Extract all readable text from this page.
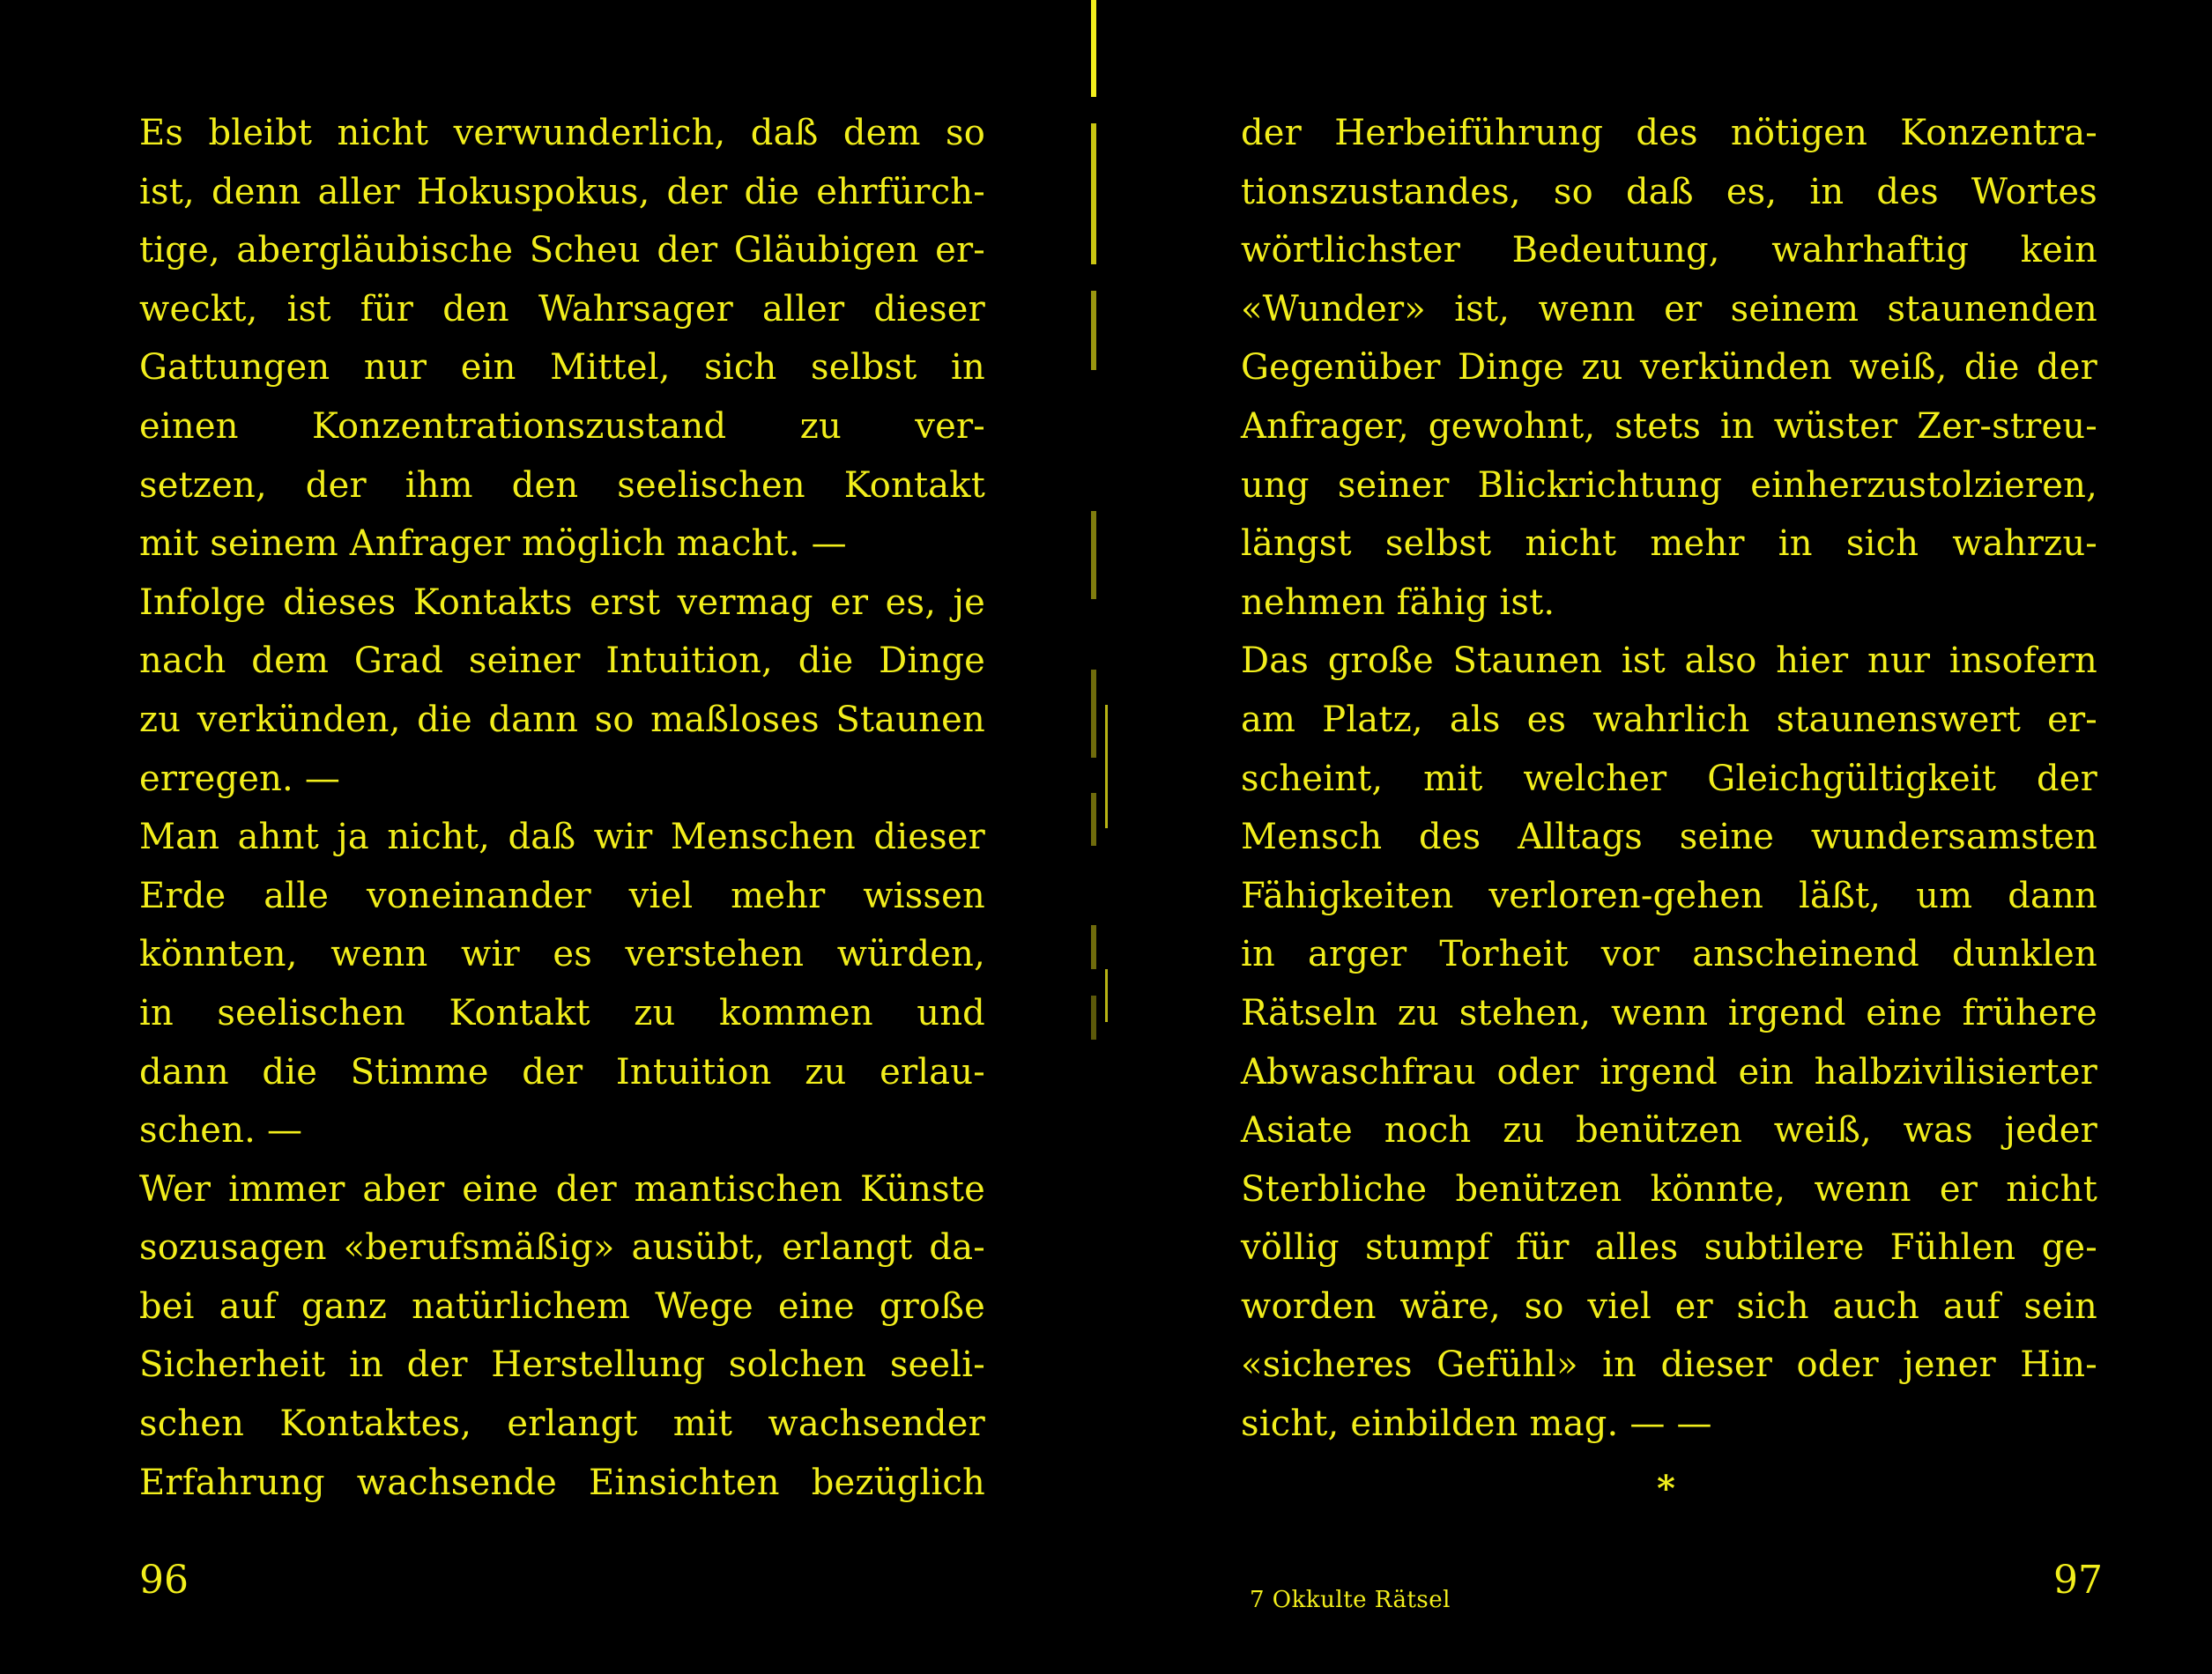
Es bleibt nicht verwunderlich, daß dem so
ist, denn aller Hokuspokus, der die ehrfürch-
tige, abergläubische Scheu der Gläubigen er-
weckt, ist für den Wahrsager aller dieser
Gattungen nur ein Mittel, sich selbst in
einen Konzentrationszustand zu ver-
setzen, der ihm den seelischen Kontakt
mit seinem Anfrager möglich macht. —
Infolge dieses Kontakts erst vermag er es, je
nach dem Grad seiner Intuition, die Dinge
zu verkünden, die dann so maßloses Staunen
erregen. —
Man ahnt ja nicht, daß wir Menschen dieser
Erde alle voneinander viel mehr wissen
könnten, wenn wir es verstehen würden,
in seelischen Kontakt zu kommen und
dann die Stimme der Intuition zu erlau-
schen. —
Wer immer aber eine der mantischen Künste
sozusagen «berufsmäßig» ausübt, erlangt da-
bei auf ganz natürlichem Wege eine große
Sicherheit in der Herstellung solchen seeli-
schen Kontaktes, erlangt mit wachsender
Erfahrung wachsende Einsichten bezüglich
der Herbeiführung des nötigen Konzentra-
tionszustandes, so daß es, in des Wortes
wörtlichster Bedeutung, wahrhaftig kein
«Wunder» ist, wenn er seinem staunenden
Gegenüber Dinge zu verkünden weiß, die der
Anfrager, gewohnt, stets in wüster Zer-streu-
ung seiner Blickrichtung einherzustolzieren,
längst selbst nicht mehr in sich wahrzu-
nehmen fähig ist.
Das große Staunen ist also hier nur insofern
am Platz, als es wahrlich staunenswert er-
scheint, mit welcher Gleichgültigkeit der
Mensch des Alltags seine wundersamsten
Fähigkeiten verloren-gehen läßt, um dann
in arger Torheit vor anscheinend dunklen
Rätseln zu stehen, wenn irgend eine frühere
Abwaschfrau oder irgend ein halbzivilisierter
Asiate noch zu benützen weiß, was jeder
Sterbliche benützen könnte, wenn er nicht
völlig stumpf für alles subtilere Fühlen ge-
worden wäre, so viel er sich auch auf sein
«sicheres Gefühl» in dieser oder jener Hin-
sicht, einbilden mag. — —
*
96	7 Okkulte Rätsel	97
